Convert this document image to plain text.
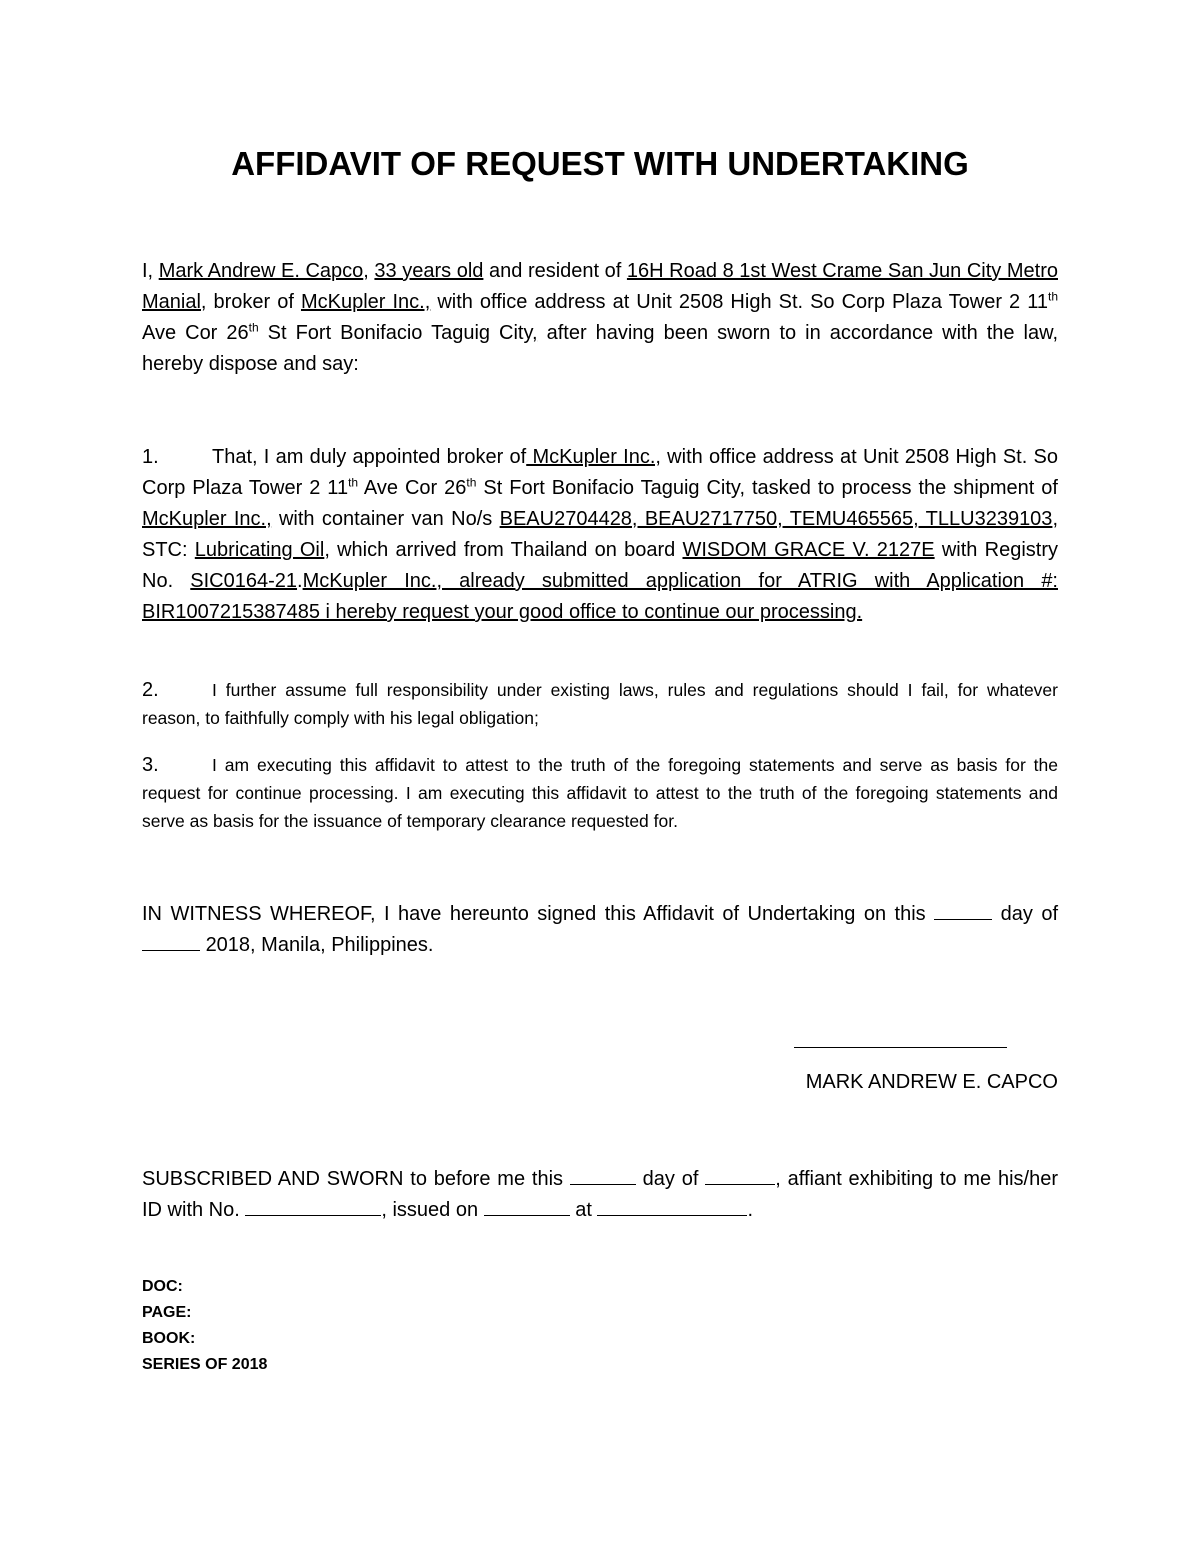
AFFIDAVIT OF REQUEST WITH UNDERTAKING
I, Mark Andrew E. Capco, 33 years old and resident of 16H Road 8 1st West Crame San Jun City Metro Manial, broker of McKupler Inc., with office address at Unit 2508 High St. So Corp Plaza Tower 2 11th Ave Cor 26th St Fort Bonifacio Taguig City, after having been sworn to in accordance with the law, hereby dispose and say:
1.	That, I am duly appointed broker of McKupler Inc., with office address at Unit 2508 High St. So Corp Plaza Tower 2 11th Ave Cor 26th St Fort Bonifacio Taguig City, tasked to process the shipment of McKupler Inc., with container van No/s BEAU2704428, BEAU2717750, TEMU465565, TLLU3239103, STC: Lubricating Oil, which arrived from Thailand on board WISDOM GRACE V. 2127E with Registry No. SIC0164-21.McKupler Inc., already submitted application for ATRIG with Application #: BIR1007215387485 i hereby request your good office to continue our processing.
2.	I further assume full responsibility under existing laws, rules and regulations should I fail, for whatever reason, to faithfully comply with his legal obligation;
3.	I am executing this affidavit to attest to the truth of the foregoing statements and serve as basis for the request for continue processing. I am executing this affidavit to attest to the truth of the foregoing statements and serve as basis for the issuance of temporary clearance requested for.
IN WITNESS WHEREOF, I have hereunto signed this Affidavit of Undertaking on this	day of  2018, Manila, Philippines.
MARK ANDREW E. CAPCO
SUBSCRIBED AND SWORN to before me this	day of	, affiant exhibiting to me his/her ID with No.	, issued on	at	.
DOC:
PAGE:
BOOK:
SERIES OF 2018
